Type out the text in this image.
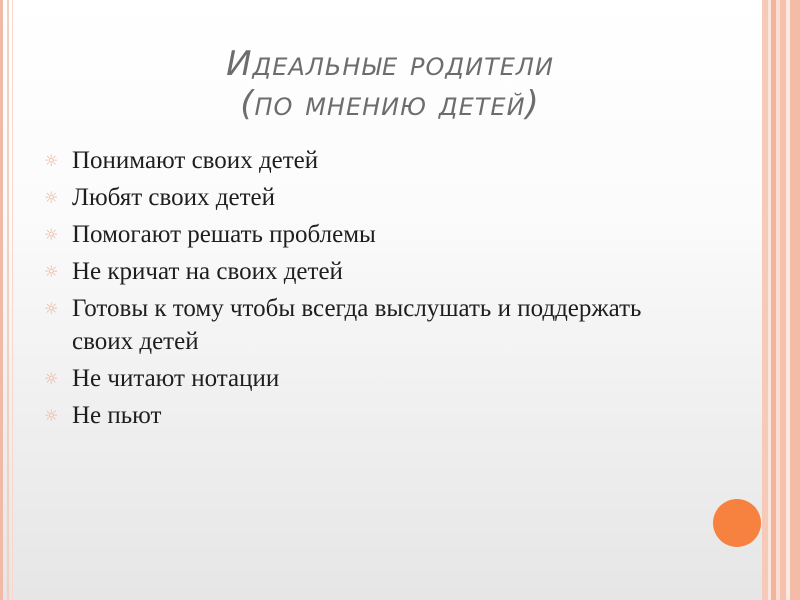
Идеальные родители
(по мнению детей)
☼ Понимают своих детей
☼ Любят своих детей
☼ Помогают решать проблемы
☼ Не кричат на своих детей
☼ Готовы к тому чтобы всегда выслушать и поддержать своих детей
☼ Не читают нотации
☼ Не пьют
